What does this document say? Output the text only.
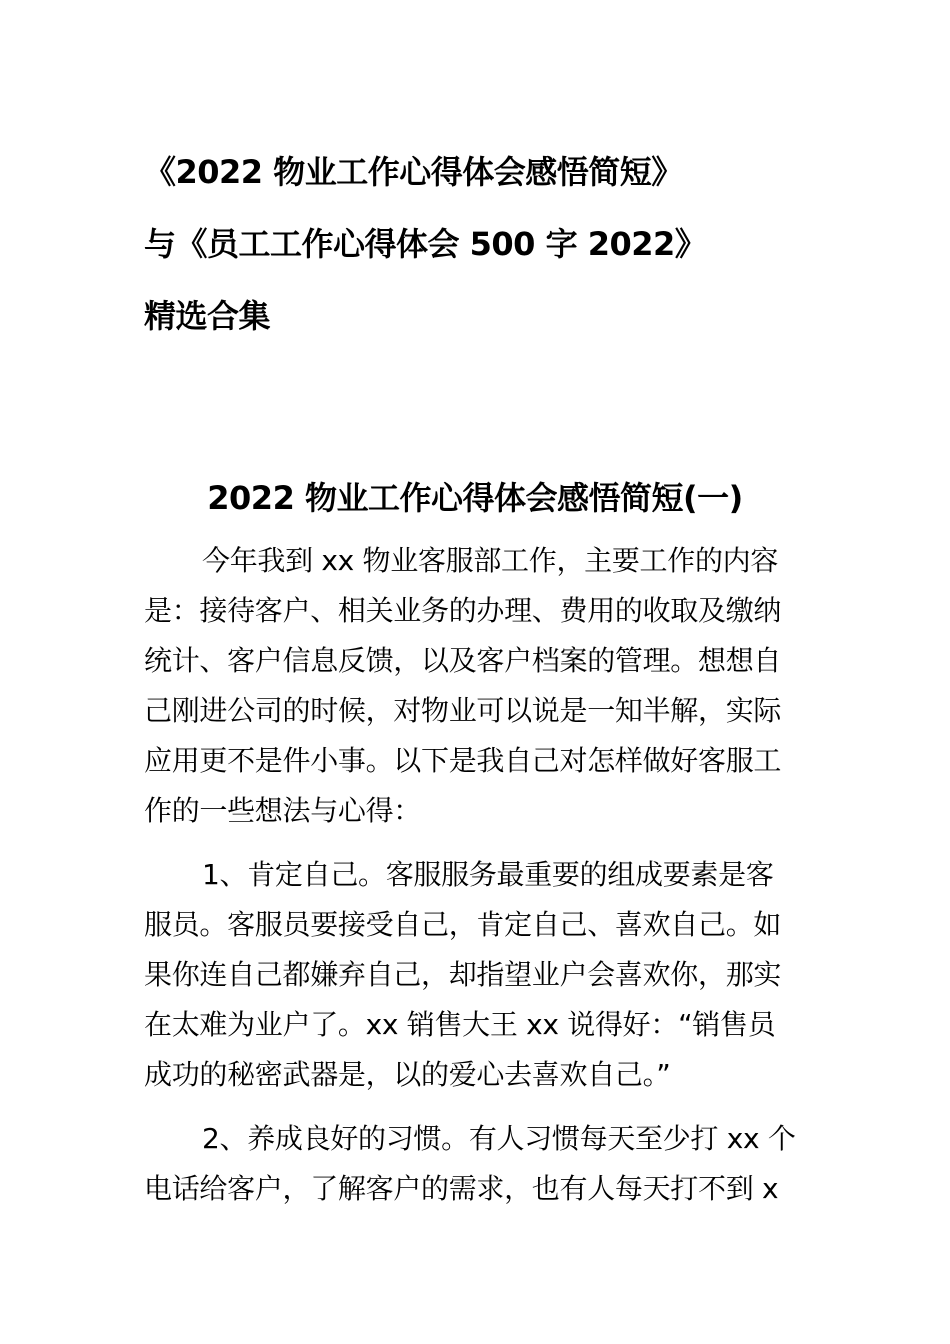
《2022 物业工作心得体会感悟简短》
与《员工工作心得体会 500 字 2022》
精选合集
2022 物业工作心得体会感悟简短(一)

今年我到 xx 物业客服部工作，主要工作的内容
是：接待客户、相关业务的办理、费用的收取及缴纳
统计、客户信息反馈，以及客户档案的管理。想想自
己刚进公司的时候，对物业可以说是一知半解，实际
应用更不是件小事。以下是我自己对怎样做好客服工
作的一些想法与心得：

1、肯定自己。客服服务最重要的组成要素是客
服员。客服员要接受自己，肯定自己、喜欢自己。如
果你连自己都嫌弃自己，却指望业户会喜欢你，那实
在太难为业户了。xx 销售大王 xx 说得好：“销售员
成功的秘密武器是，以的爱心去喜欢自己。”

2、养成良好的习惯。有人习惯每天至少打 xx 个
电话给客户，了解客户的需求，也有人每天打不到 x
